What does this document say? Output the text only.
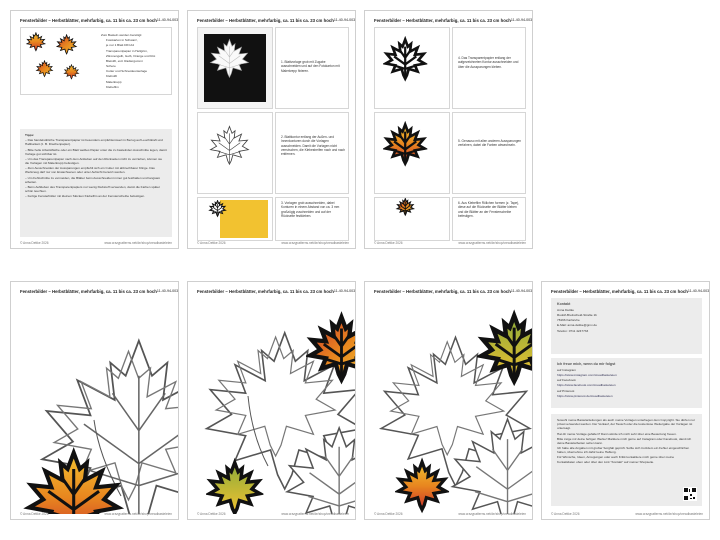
Fensterbilder – Herbstblätter, mehrfarbig, ca. 11 bis ca. 23 cm hoch 11-40-94-003
Zum Basteln werden benötigt:
Fotokarton in Schwarz,
je nur 1 Blatt DIN A4
Transparentpapier in Hellgrün,
Zitronengelb, Gelb, Orange und Rot
Bleistift, evtl. Radiergummi
Schere
Cutter und Schneideunterlage
Klebstift
Malerkrepp
Klebefilm
Tipps:
– Das handelsübliche Transparentpapier ist besonders empfehlenswert in Bezug auf Leuchtkraft und Haltbarkeit (z. B. Drachenpapier).
– Bitte helle Arbeitsfläche oder ein Blatt weißes Papier unter die zu bastelnden Ausschnitte legen, damit Vorlage gut sichtbar ist.
– Um das Transparentpapier nach dem Ankleben auf den Rückseiten nicht zu verziehen, können sie die Vorlagen mit Malerkrepp befestigen.
– Zum Ausschneiden der Aussparungen empfiehlt sich ein Cutter mit abbrechbarer Klinge. Das Werkzeug darf nur von Erwachsenen oder unter Aufsicht benutzt werden.
– Um Fehlschnitte zu vermeiden, die Blätter beim Ausschneiden immer gut festhalten und langsam arbeiten.
– Beim Aufkleben des Transparentpapiers nur wenig Klebstoff verwenden, damit die Farben später schön leuchten.
– Fertige Fensterbilder mit kleinen Stücken Klebefilm an der Fensterscheibe befestigen.
© Anna Dettke 2026	www.crazypatterns.net/de/shop/creadbasteleien
Fensterbilder – Herbstblätter, mehrfarbig, ca. 11 bis ca. 23 cm hoch 11-40-94-003
1. Blattvorlage grob mit Zugabe ausschneiden und auf den Fotokarton mit Malerkrepp fixieren.
2. Blattkontur entlang der Außen- und Innenkonturen durch die Vorlagen ausschneiden. Damit die Vorlagen nicht verrutschen, die Klebestreifen nach und nach entfernen.
3. Vorlagen grob ausschneiden, dabei Konturen in einem Abstand von ca. 3 mm großzügig zuschneiden und auf der Rückseite festkleben.
© Anna Dettke 2026	www.crazypatterns.net/de/shop/creadbasteleien
Fensterbilder – Herbstblätter, mehrfarbig, ca. 11 bis ca. 23 cm hoch 11-40-94-003
4. Das Transparentpapier entlang der aufgezeichneten Kontur ausschneiden und über die Aussparungen kleben.
5. Genauso mit allen anderen Aussparungen verfahren, dabei die Farben abwechseln.
6. Aus Klebefilm Röllchen formen (z. Tape), diese auf die Rückseite der Blätter kleben und die Blätter an der Fensterscheibe befestigen.
© Anna Dettke 2026	www.crazypatterns.net/de/shop/creadbasteleien
Fensterbilder – Herbstblätter, mehrfarbig, ca. 11 bis ca. 23 cm hoch 11-40-94-003
© Anna Dettke 2026	www.crazypatterns.net/de/shop/creadbasteleien
Fensterbilder – Herbstblätter, mehrfarbig, ca. 11 bis ca. 23 cm hoch 11-40-94-003
© Anna Dettke 2026	www.crazypatterns.net/de/shop/creadbasteleien
Fensterbilder – Herbstblätter, mehrfarbig, ca. 11 bis ca. 23 cm hoch 11-40-94-003
© Anna Dettke 2026	www.crazypatterns.net/de/shop/creadbasteleien
Fensterbilder – Herbstblätter, mehrfarbig, ca. 11 bis ca. 23 cm hoch 11-40-94-003
Kontakt
Anna Dettke
Rudolf-Breitscheid-Straße 1b
78166 Karlsruhe
E-Mail: anna.dettke@gmx.de
Telefon: 0711 4247733
Ich freue mich, wenn du mir folgst
auf Instagram
https://www.instagram.com/creadbasteleien
auf Facebook
https://www.facebook.com/creadbasteleien
auf Pinterest
https://www.pinterest.de/creadbasteleien
Sowohl meine Bastelanleitungen als auch meine Vorlagen unterliegen dem Copyright. Sie dürfen nur privat verwendet werden. Der Verkauf, der Tausch oder die kostenlose Weitergabe der Vorlagen ist untersagt.
Hat dir meine Vorlage gefallen? Dann würde ich mich sehr über eine Bewertung freuen.
Bitte zeige mir deine fertigen Werke! Markiere mich gerne auf Instagram oder Facebook, damit ich deine Bastelarbeiten sehen kann.
Ich habe alle Angaben mit großer Sorgfalt geprüft. Sollte sich trotzdem ein Fehler eingeschlichen haben, übernehme ich dafür keine Haftung.
Für Wünsche, Ideen, Anregungen oder auch Kritik kontaktiere mich gerne über meine Kontaktdaten oben oder über den Link "Kontakt" auf meiner Shopseite.
© Anna Dettke 2026	www.crazypatterns.net/de/shop/creadbasteleien
